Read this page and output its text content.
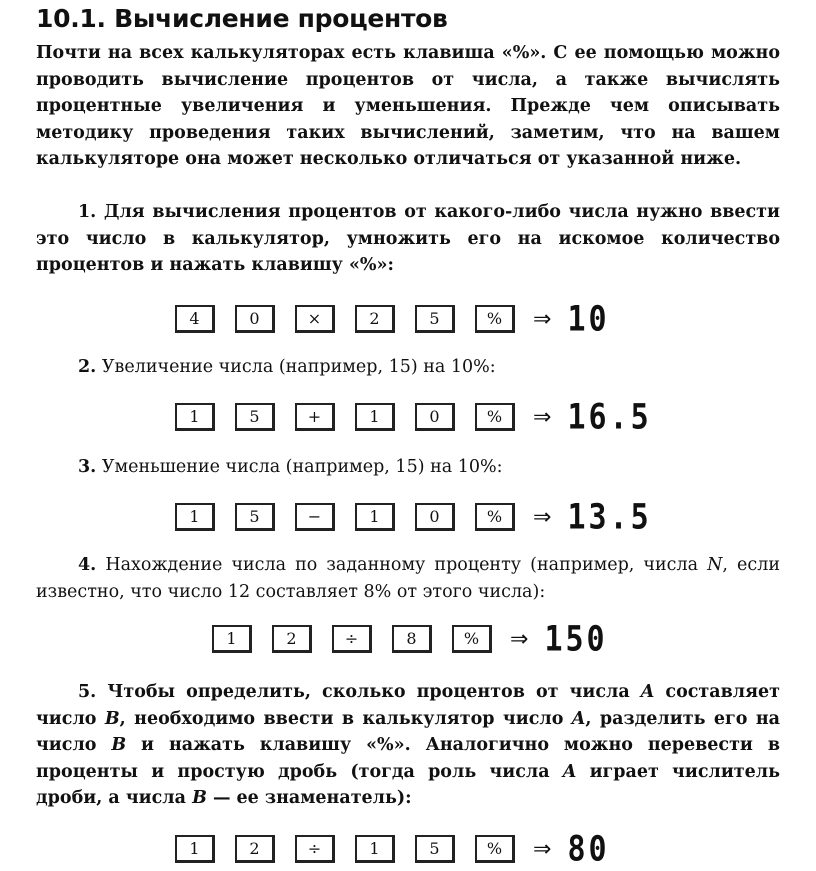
10.1. Вычисление процентов

Почти на всех калькуляторах есть клавиша «%». С ее помощью можно проводить вычисление процентов от числа, а также вычислять процентные увеличения и уменьшения. Прежде чем описывать методику проведения таких вычислений, заметим, что на вашем калькуляторе она может несколько отличаться от указанной ниже.

1. Для вычисления процентов от какого-либо числа нужно ввести это число в калькулятор, умножить его на искомое количество процентов и нажать клавишу «%»:

4	0	×	2	5	%	⇒ 10

2. Увеличение числа (например, 15) на 10%:

1	5	+	1	0	%	⇒ 16.5

3. Уменьшение числа (например, 15) на 10%:

1	5	−	1	0	%	⇒ 13.5

4. Нахождение числа по заданному проценту (например, числа N, если известно, что число 12 составляет 8% от этого числа):

1	2	÷	8	%	⇒ 150

5. Чтобы определить, сколько процентов от числа A составляет число B, необходимо ввести в калькулятор число A, разделить его на число B и нажать клавишу «%». Аналогично можно перевести в проценты и простую дробь (тогда роль числа A играет числитель дроби, а числа B — ее знаменатель):

1	2	÷	1	5	%	⇒ 80
